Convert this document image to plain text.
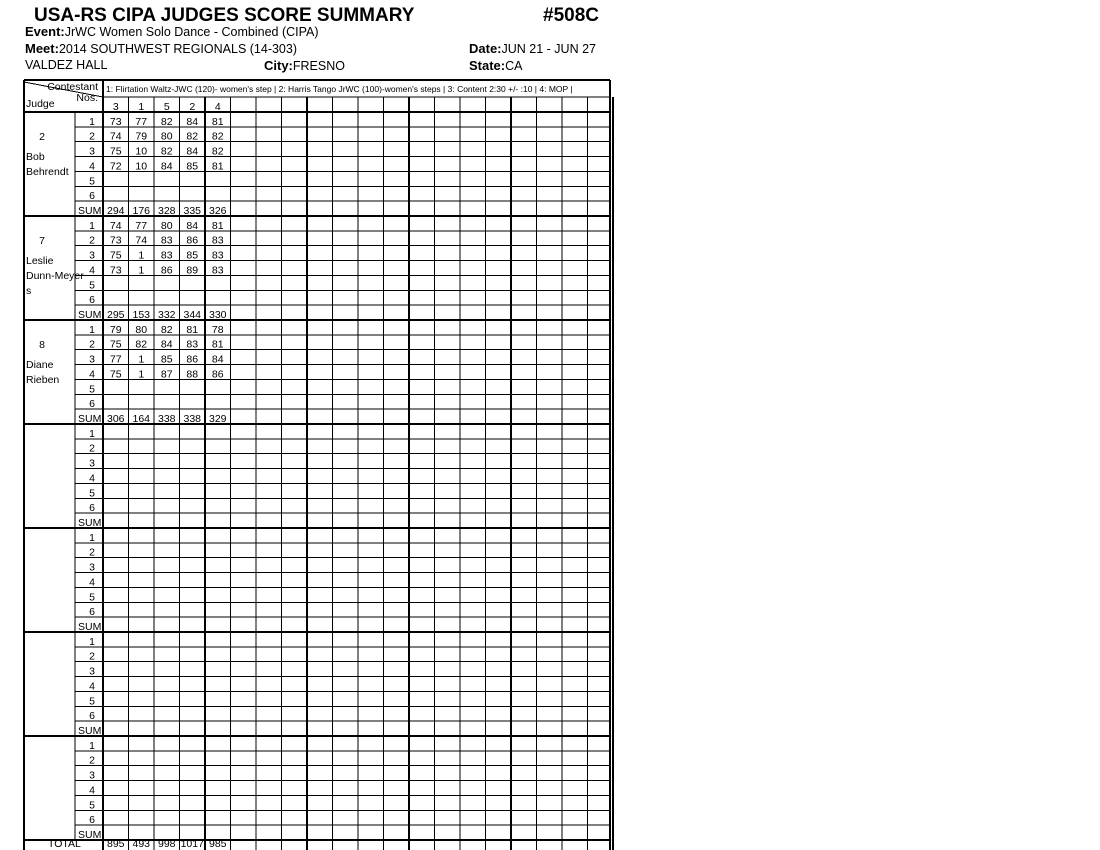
USA-RS CIPA JUDGES SCORE SUMMARY	#508C
Event:JrWC Women Solo Dance - Combined (CIPA)
Meet:2014 SOUTHWEST REGIONALS (14-303)	Date:JUN 21 - JUN 27
VALDEZ HALL	City:FRESNO	State:CA
1: Flirtation Waltz-JWC (120)- women's step | 2: Harris Tango JrWC (100)-women's steps | 3: Content 2:30 +/- :10 | 4: MOP |
Contestant
Nos.
Judge	3 1 5 2 4
2
Bob
Behrendt
1 73 77 82 84 81
2 74 79 80 82 82
3 75 10 82 84 82
4 72 10 84 85 81
5
6
SUM 294 176 328 335 326
7
Leslie
Dunn-Meyer
s
1 74 77 80 84 81
2 73 74 83 86 83
3 75 1 83 85 83
4 73 1 86 89 83
5
6
SUM 295 153 332 344 330
8
Diane
Rieben
1 79 80 82 81 78
2 75 82 84 83 81
3 77 1 85 86 84
4 75 1 87 88 86
5
6
SUM 306 164 338 338 329
1
2
3
4
5
6
SUM
1
2
3
4
5
6
SUM
1
2
3
4
5
6
SUM
1
2
3
4
5
6
SUM
TOTAL 895 493 998 1017 985
